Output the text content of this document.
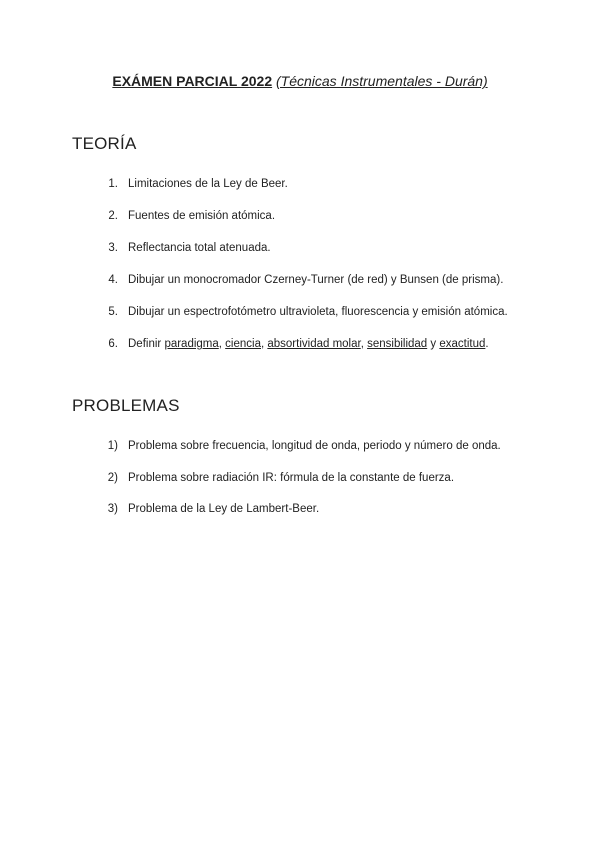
EXÁMEN PARCIAL 2022 (Técnicas Instrumentales - Durán)
TEORÍA
1. Limitaciones de la Ley de Beer.
2. Fuentes de emisión atómica.
3. Reflectancia total atenuada.
4. Dibujar un monocromador Czerney-Turner (de red) y Bunsen (de prisma).
5. Dibujar un espectrofotómetro ultravioleta, fluorescencia y emisión atómica.
6. Definir paradigma, ciencia, absortividad molar, sensibilidad y exactitud.
PROBLEMAS
1) Problema sobre frecuencia, longitud de onda, periodo y número de onda.
2) Problema sobre radiación IR: fórmula de la constante de fuerza.
3) Problema de la Ley de Lambert-Beer.
